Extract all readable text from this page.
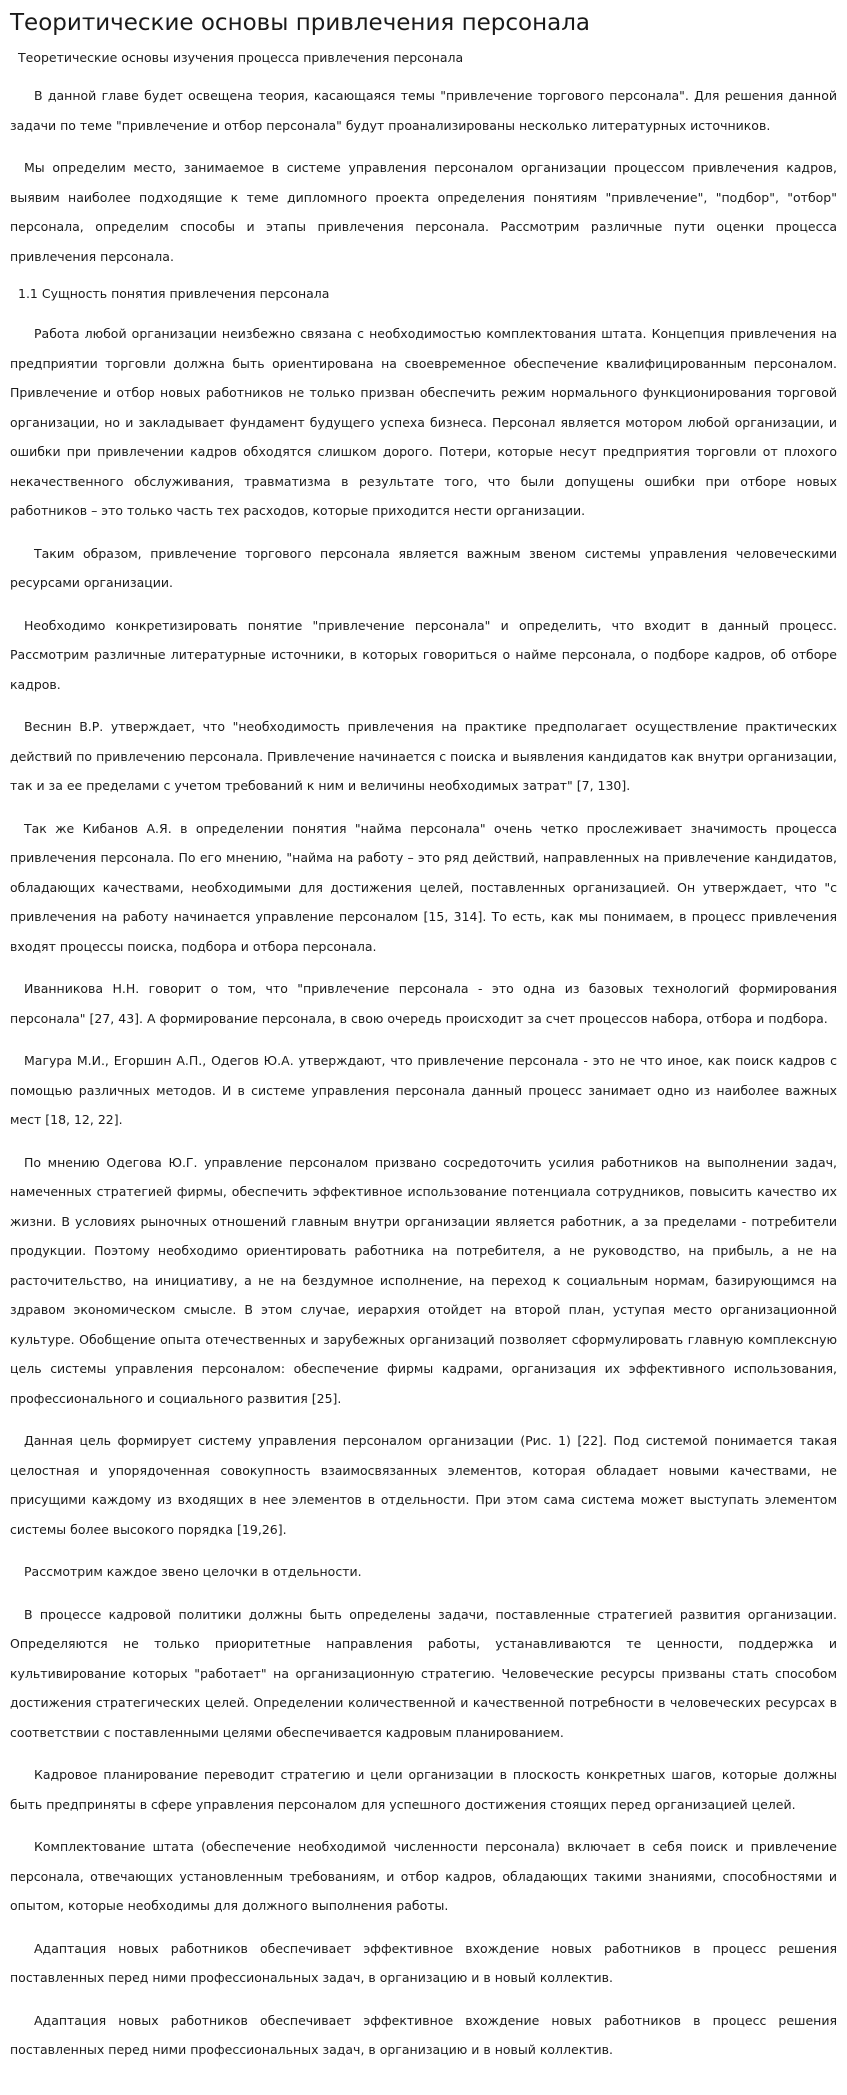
Теоритические основы привлечения персонала
Теоретические основы изучения процесса привлечения персонала

В данной главе будет освещена теория, касающаяся темы "привлечение торгового персонала". Для решения данной задачи по теме "привлечение и отбор персонала" будут проанализированы несколько литературных источников.

Мы определим место, занимаемое в системе управления персоналом организации процессом привлечения кадров, выявим наиболее подходящие к теме дипломного проекта определения понятиям "привлечение", "подбор", "отбор" персонала, определим способы и этапы привлечения персонала. Рассмотрим различные пути оценки процесса привлечения персонала.

1.1 Сущность понятия привлечения персонала

Работа любой организации неизбежно связана с необходимостью комплектования штата. Концепция привлечения на предприятии торговли должна быть ориентирована на своевременное обеспечение квалифицированным персоналом. Привлечение и отбор новых работников не только призван обеспечить режим нормального функционирования торговой организации, но и закладывает фундамент будущего успеха бизнеса. Персонал является мотором любой организации, и ошибки при привлечении кадров обходятся слишком дорого. Потери, которые несут предприятия торговли от плохого некачественного обслуживания, травматизма в результате того, что были допущены ошибки при отборе новых работников – это только часть тех расходов, которые приходится нести организации.

Таким образом, привлечение торгового персонала является важным звеном системы управления человеческими ресурсами организации.

Необходимо конкретизировать понятие "привлечение персонала" и определить, что входит в данный процесс. Рассмотрим различные литературные источники, в которых говориться о найме персонала, о подборе кадров, об отборе кадров.

Веснин В.Р. утверждает, что "необходимость привлечения на практике предполагает осуществление практических действий по привлечению персонала. Привлечение начинается с поиска и выявления кандидатов как внутри организации, так и за ее пределами с учетом требований к ним и величины необходимых затрат" [7, 130].

Так же Кибанов А.Я. в определении понятия "найма персонала" очень четко прослеживает значимость процесса привлечения персонала. По его мнению, "найма на работу – это ряд действий, направленных на привлечение кандидатов, обладающих качествами, необходимыми для достижения целей, поставленных организацией. Он утверждает, что "с привлечения на работу начинается управление персоналом [15, 314]. То есть, как мы понимаем, в процесс привлечения входят процессы поиска, подбора и отбора персонала.

Иванникова Н.Н. говорит о том, что "привлечение персонала - это одна из базовых технологий формирования персонала" [27, 43]. А формирование персонала, в свою очередь происходит за счет процессов набора, отбора и подбора.

Магура М.И., Егоршин А.П., Одегов Ю.А. утверждают, что привлечение персонала - это не что иное, как поиск кадров с помощью различных методов. И в системе управления персонала данный процесс занимает одно из наиболее важных мест [18, 12, 22].

По мнению Одегова Ю.Г. управление персоналом призвано сосредоточить усилия работников на выполнении задач, намеченных стратегией фирмы, обеспечить эффективное использование потенциала сотрудников, повысить качество их жизни. В условиях рыночных отношений главным внутри организации является работник, а за пределами - потребители продукции. Поэтому необходимо ориентировать работника на потребителя, а не руководство, на прибыль, а не на расточительство, на инициативу, а не на бездумное исполнение, на переход к социальным нормам, базирующимся на здравом экономическом смысле. В этом случае, иерархия отойдет на второй план, уступая место организационной культуре. Обобщение опыта отечественных и зарубежных организаций позволяет сформулировать главную комплексную цель системы управления персоналом: обеспечение фирмы кадрами, организация их эффективного использования, профессионального и социального развития [25].

Данная цель формирует систему управления персоналом организации (Рис. 1) [22]. Под системой понимается такая целостная и упорядоченная совокупность взаимосвязанных элементов, которая обладает новыми качествами, не присущими каждому из входящих в нее элементов в отдельности. При этом сама система может выступать элементом системы более высокого порядка [19,26].

Рассмотрим каждое звено целочки в отдельности.

В процессе кадровой политики должны быть определены задачи, поставленные стратегией развития организации. Определяются не только приоритетные направления работы, устанавливаются те ценности, поддержка и культивирование которых "работает" на организационную стратегию. Человеческие ресурсы призваны стать способом достижения стратегических целей. Определении количественной и качественной потребности в человеческих ресурсах в соответствии с поставленными целями обеспечивается кадровым планированием.

Кадровое планирование переводит стратегию и цели организации в плоскость конкретных шагов, которые должны быть предприняты в сфере управления персоналом для успешного достижения стоящих перед организацией целей.

Комплектование штата (обеспечение необходимой численности персонала) включает в себя поиск и привлечение персонала, отвечающих установленным требованиям, и отбор кадров, обладающих такими знаниями, способностями и опытом, которые необходимы для должного выполнения работы.

Адаптация новых работников обеспечивает эффективное вхождение новых работников в процесс решения поставленных перед ними профессиональных задач, в организацию и в новый коллектив.

Адаптация новых работников обеспечивает эффективное вхождение новых работников в процесс решения поставленных перед ними профессиональных задач, в организацию и в новый коллектив.
